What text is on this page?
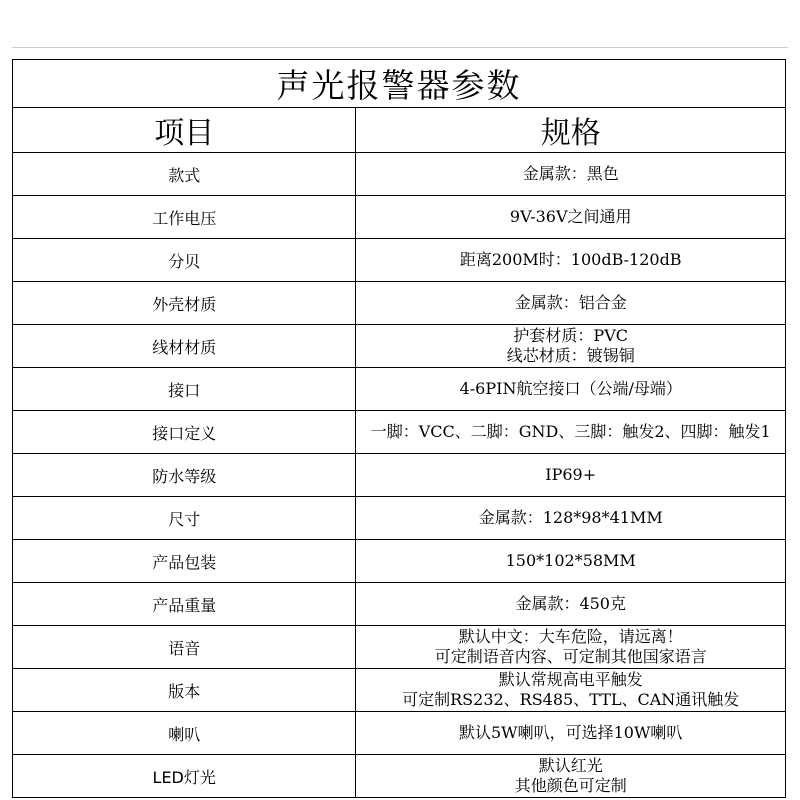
声光报警器参数	
项目	规格
款式	金属款：黑色

工作电压	9V-36V之间通用

分贝	距离200M时：100dB-120dB

外壳材质	金属款：铝合金

线材材质	护套材质：PVC
线芯材质：镀锡铜

接口	4-6PIN航空接口（公端/母端）

接口定义	一脚：VCC、二脚：GND、三脚：触发2、四脚：触发1

防水等级	IP69+

尺寸	金属款：128*98*41MM

产品包装	150*102*58MM

产品重量	金属款：450克

语音	默认中文：大车危险，请远离！
可定制语音内容、可定制其他国家语言

版本	默认常规高电平触发
可定制RS232、RS485、TTL、CAN通讯触发

喇叭	默认5W喇叭，可选择10W喇叭

LED灯光	默认红光
其他颜色可定制
